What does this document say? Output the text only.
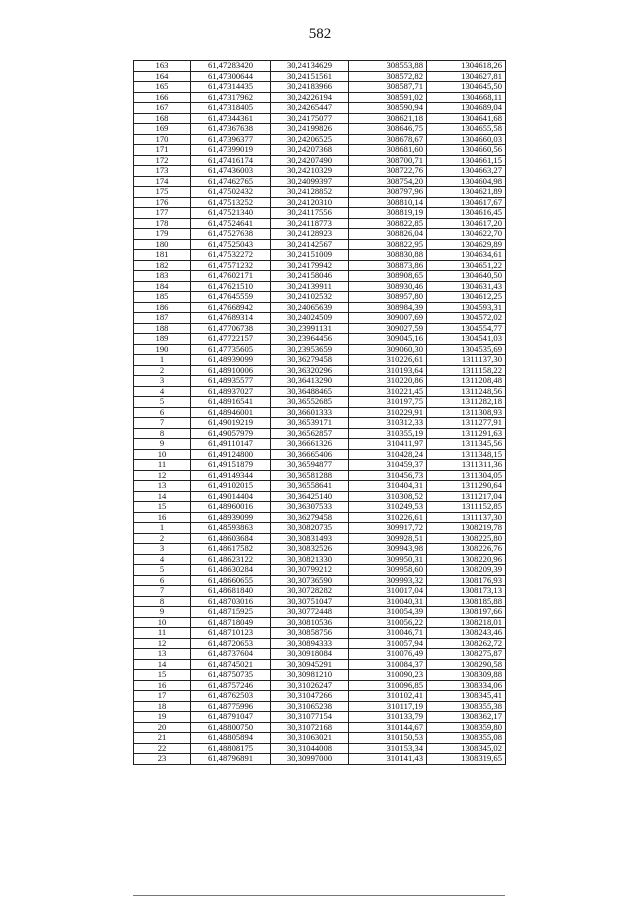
582
163	61,47283420	30,24134629	308553,88	1304618,26
164	61,47300644	30,24151561	308572,82	1304627,81
165	61,47314435	30,24183966	308587,71	1304645,50
166	61,47317962	30,24226194	308591,02	1304668,11
167	61,47318405	30,24265447	308590,94	1304689,04
168	61,47344361	30,24175077	308621,18	1304641,68
169	61,47367638	30,24199826	308646,75	1304655,58
170	61,47396377	30,24206525	308678,67	1304660,03
171	61,47399019	30,24207368	308681,60	1304660,56
172	61,47416174	30,24207490	308700,71	1304661,15
173	61,47436003	30,24210329	308722,76	1304663,27
174	61,47462765	30,24099397	308754,20	1304604,98
175	61,47502432	30,24128852	308797,96	1304621,89
176	61,47513252	30,24120310	308810,14	1304617,67
177	61,47521340	30,24117556	308819,19	1304616,45
178	61,47524641	30,24118773	308822,85	1304617,20
179	61,47527638	30,24128923	308826,04	1304622,70
180	61,47525043	30,24142567	308822,95	1304629,89
181	61,47532272	30,24151009	308830,88	1304634,61
182	61,47571232	30,24179942	308873,86	1304651,22
183	61,47602171	30,24158046	308908,65	1304640,50
184	61,47621510	30,24139911	308930,46	1304631,43
185	61,47645559	30,24102532	308957,80	1304612,25
186	61,47668942	30,24065639	308984,39	1304593,31
187	61,47689314	30,24024509	309007,69	1304572,02
188	61,47706738	30,23991131	309027,59	1304554,77
189	61,47722157	30,23964456	309045,16	1304541,03
190	61,47735605	30,23953659	309060,30	1304535,69
1	61,48939099	30,36279458	310226,61	1311137,30
2	61,48910006	30,36320296	310193,64	1311158,22
3	61,48935577	30,36413290	310220,86	1311208,48
4	61,48937027	30,36488465	310221,45	1311248,56
5	61,48916541	30,36552685	310197,75	1311282,18
6	61,48946001	30,36601333	310229,91	1311308,93
7	61,49019219	30,36539171	310312,33	1311277,91
8	61,49057979	30,36562857	310355,19	1311291,63
9	61,49110147	30,36661326	310411,97	1311345,56
10	61,49124800	30,36665406	310428,24	1311348,15
11	61,49151879	30,36594877	310459,37	1311311,36
12	61,49149344	30,36581288	310456,73	1311304,05
13	61,49102015	30,36558641	310404,31	1311290,64
14	61,49014404	30,36425140	310308,52	1311217,04
15	61,48960016	30,36307533	310249,53	1311152,85
16	61,48939099	30,36279458	310226,61	1311137,30
1	61,48593863	30,30820735	309917,72	1308219,78
2	61,48603684	30,30831493	309928,51	1308225,80
3	61,48617582	30,30832526	309943,98	1308226,76
4	61,48623122	30,30821330	309950,31	1308220,96
5	61,48630284	30,30799212	309958,60	1308209,39
6	61,48660655	30,30736590	309993,32	1308176,93
7	61,48681840	30,30728282	310017,04	1308173,13
8	61,48703016	30,30751047	310040,31	1308185,88
9	61,48715925	30,30772448	310054,39	1308197,66
10	61,48718049	30,30810536	310056,22	1308218,01
11	61,48710123	30,30858756	310046,71	1308243,46
12	61,48720653	30,30894333	310057,94	1308262,72
13	61,48737604	30,30918084	310076,49	1308275,87
14	61,48745021	30,30945291	310084,37	1308290,58
15	61,48750735	30,30981210	310090,23	1308309,88
16	61,48757246	30,31026247	310096,85	1308334,06
17	61,48762503	30,31047266	310102,41	1308345,41
18	61,48775996	30,31065238	310117,19	1308355,38
19	61,48791047	30,31077154	310133,79	1308362,17
20	61,48800750	30,31072168	310144,67	1308359,80
21	61,48805894	30,31063021	310150,53	1308355,08
22	61,48808175	30,31044008	310153,34	1308345,02
23	61,48796891	30,30997000	310141,43	1308319,65
